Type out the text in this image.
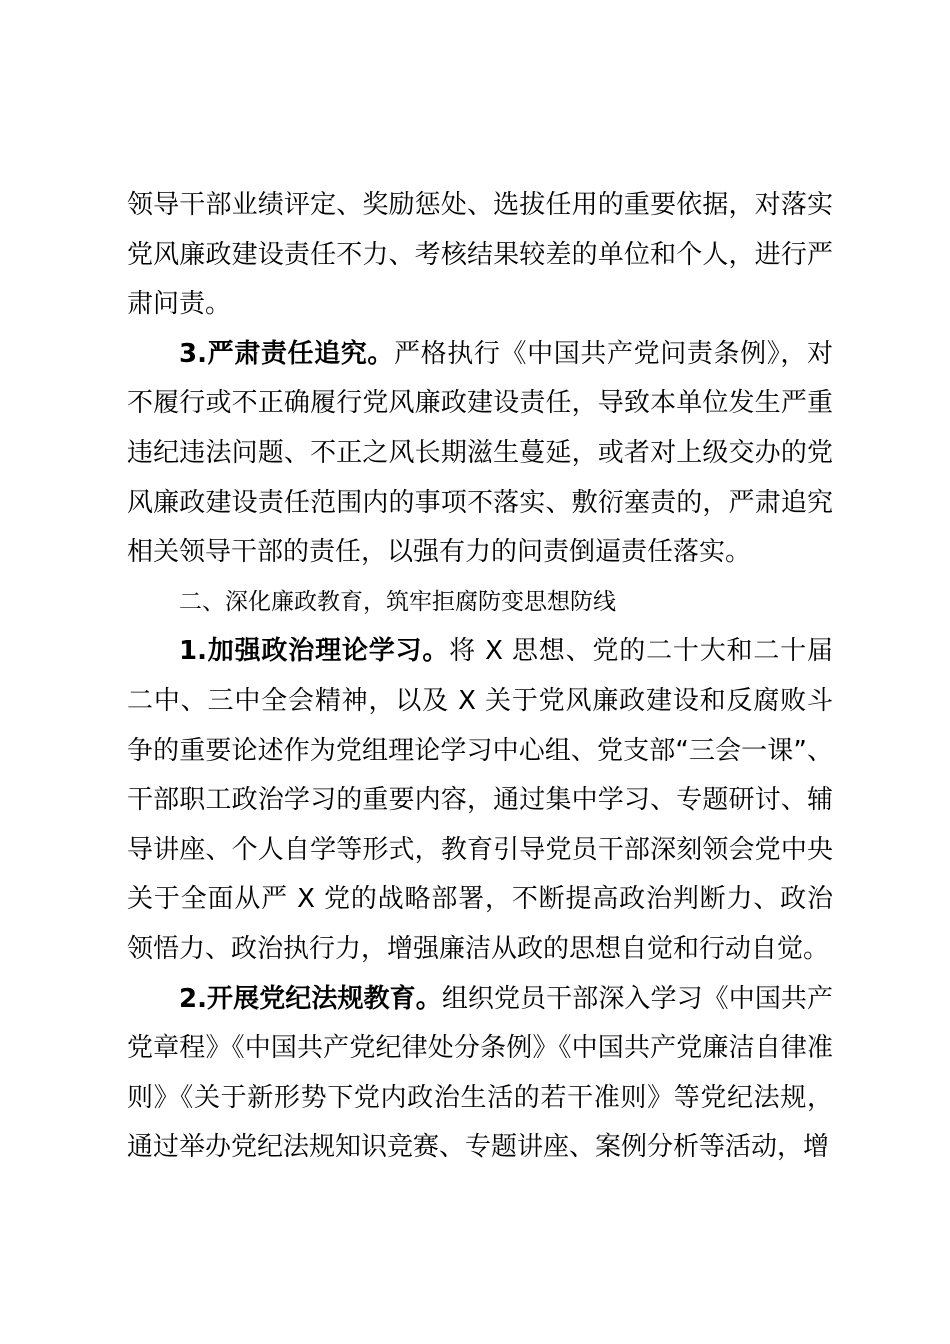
领导干部业绩评定、奖励惩处、选拔任用的重要依据，对落实党风廉政建设责任不力、考核结果较差的单位和个人，进行严肃问责。

3.严肃责任追究。严格执行《中国共产党问责条例》，对不履行或不正确履行党风廉政建设责任，导致本单位发生严重违纪违法问题、不正之风长期滋生蔓延，或者对上级交办的党风廉政建设责任范围内的事项不落实、敷衍塞责的，严肃追究相关领导干部的责任，以强有力的问责倒逼责任落实。

二、深化廉政教育，筑牢拒腐防变思想防线

1.加强政治理论学习。将 X 思想、党的二十大和二十届二中、三中全会精神，以及 X 关于党风廉政建设和反腐败斗争的重要论述作为党组理论学习中心组、党支部“三会一课”、干部职工政治学习的重要内容，通过集中学习、专题研讨、辅导讲座、个人自学等形式，教育引导党员干部深刻领会党中央关于全面从严 X 党的战略部署，不断提高政治判断力、政治领悟力、政治执行力，增强廉洁从政的思想自觉和行动自觉。

2.开展党纪法规教育。组织党员干部深入学习《中国共产党章程》《中国共产党纪律处分条例》《中国共产党廉洁自律准则》《关于新形势下党内政治生活的若干准则》等党纪法规，通过举办党纪法规知识竞赛、专题讲座、案例分析等活动，增
